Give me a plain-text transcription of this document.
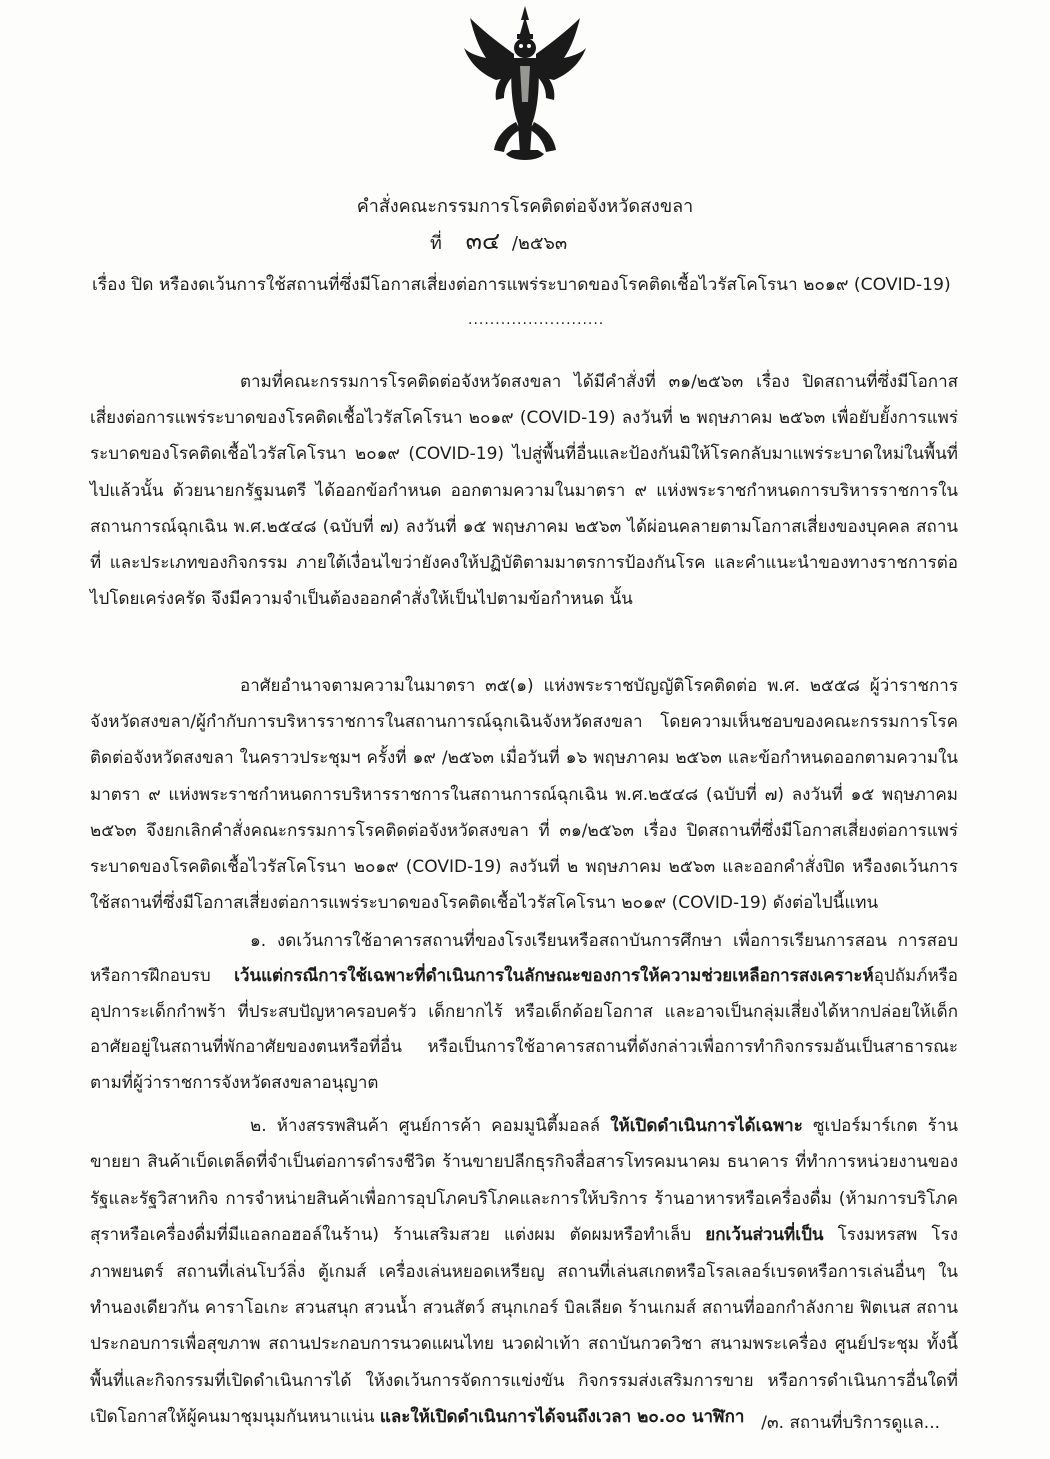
คำสั่งคณะกรรมการโรคติดต่อจังหวัดสงขลา
ที่ ๓๔ /๒๕๖๓
เรื่อง ปิด หรืองดเว้นการใช้สถานที่ซึ่งมีโอกาสเสี่ยงต่อการแพร่ระบาดของโรคติดเชื้อไวรัสโคโรนา ๒๐๑๙ (COVID-19)
.........................

ตามที่คณะกรรมการโรคติดต่อจังหวัดสงขลา ได้มีคำสั่งที่ ๓๑/๒๕๖๓ เรื่อง ปิดสถานที่ซึ่งมีโอกาสเสี่ยงต่อการแพร่ระบาดของโรคติดเชื้อไวรัสโคโรนา ๒๐๑๙ (COVID-19) ลงวันที่ ๒ พฤษภาคม ๒๕๖๓ เพื่อยับยั้งการแพร่ระบาดของโรคติดเชื้อไวรัสโคโรนา ๒๐๑๙ (COVID-19) ไปสู่พื้นที่อื่นและป้องกันมิให้โรคกลับมาแพร่ระบาดใหม่ในพื้นที่ไปแล้วนั้น ด้วยนายกรัฐมนตรี ได้ออกข้อกำหนด ออกตามความในมาตรา ๙ แห่งพระราชกำหนดการบริหารราชการในสถานการณ์ฉุกเฉิน พ.ศ.๒๕๔๘ (ฉบับที่ ๗) ลงวันที่ ๑๕ พฤษภาคม ๒๕๖๓ ได้ผ่อนคลายตามโอกาสเสี่ยงของบุคคล สถานที่ และประเภทของกิจกรรม ภายใต้เงื่อนไขว่ายังคงให้ปฏิบัติตามมาตรการป้องกันโรค และคำแนะนำของทางราชการต่อไปโดยเคร่งครัด จึงมีความจำเป็นต้องออกคำสั่งให้เป็นไปตามข้อกำหนด นั้น

อาศัยอำนาจตามความในมาตรา ๓๕(๑) แห่งพระราชบัญญัติโรคติดต่อ พ.ศ. ๒๕๕๘ ผู้ว่าราชการจังหวัดสงขลา/ผู้กำกับการบริหารราชการในสถานการณ์ฉุกเฉินจังหวัดสงขลา โดยความเห็นชอบของคณะกรรมการโรคติดต่อจังหวัดสงขลา ในคราวประชุมฯ ครั้งที่ ๑๙ /๒๕๖๓ เมื่อวันที่ ๑๖ พฤษภาคม ๒๕๖๓ และข้อกำหนดออกตามความในมาตรา ๙ แห่งพระราชกำหนดการบริหารราชการในสถานการณ์ฉุกเฉิน พ.ศ.๒๕๔๘ (ฉบับที่ ๗) ลงวันที่ ๑๕ พฤษภาคม ๒๕๖๓ จึงยกเลิกคำสั่งคณะกรรมการโรคติดต่อจังหวัดสงขลา ที่ ๓๑/๒๕๖๓ เรื่อง ปิดสถานที่ซึ่งมีโอกาสเสี่ยงต่อการแพร่ระบาดของโรคติดเชื้อไวรัสโคโรนา ๒๐๑๙ (COVID-19) ลงวันที่ ๒ พฤษภาคม ๒๕๖๓ และออกคำสั่งปิด หรืองดเว้นการใช้สถานที่ซึ่งมีโอกาสเสี่ยงต่อการแพร่ระบาดของโรคติดเชื้อไวรัสโคโรนา ๒๐๑๙ (COVID-19) ดังต่อไปนี้แทน

๑. งดเว้นการใช้อาคารสถานที่ของโรงเรียนหรือสถาบันการศึกษา เพื่อการเรียนการสอน การสอบหรือการฝึกอบรบ เว้นแต่กรณีการใช้เฉพาะที่ดำเนินการในลักษณะของการให้ความช่วยเหลือการสงเคราะห์อุปถัมภ์หรืออุปการะเด็กกำพร้า ที่ประสบปัญหาครอบครัว เด็กยากไร้ หรือเด็กด้อยโอกาส และอาจเป็นกลุ่มเสี่ยงได้หากปล่อยให้เด็กอาศัยอยู่ในสถานที่พักอาศัยของตนหรือที่อื่น หรือเป็นการใช้อาคารสถานที่ดังกล่าวเพื่อการทำกิจกรรมอันเป็นสาธารณะตามที่ผู้ว่าราชการจังหวัดสงขลาอนุญาต

๒. ห้างสรรพสินค้า ศูนย์การค้า คอมมูนิตี้มอลล์ ให้เปิดดำเนินการได้เฉพาะ ซูเปอร์มาร์เกต ร้านขายยา สินค้าเบ็ดเตล็ดที่จำเป็นต่อการดำรงชีวิต ร้านขายปลีกธุรกิจสื่อสารโทรคมนาคม ธนาคาร ที่ทำการหน่วยงานของรัฐและรัฐวิสาหกิจ การจำหน่ายสินค้าเพื่อการอุปโภคบริโภคและการให้บริการ ร้านอาหารหรือเครื่องดื่ม (ห้ามการบริโภคสุราหรือเครื่องดื่มที่มีแอลกอฮอล์ในร้าน) ร้านเสริมสวย แต่งผม ตัดผมหรือทำเล็บ ยกเว้นส่วนที่เป็น โรงมหรสพ โรงภาพยนตร์ สถานที่เล่นโบว์ลิ่ง ตู้เกมส์ เครื่องเล่นหยอดเหรียญ สถานที่เล่นสเกตหรือโรลเลอร์เบรดหรือการเล่นอื่นๆ ในทำนองเดียวกัน คาราโอเกะ สวนสนุก สวนน้ำ สวนสัตว์ สนุกเกอร์ บิลเลียด ร้านเกมส์ สถานที่ออกกำลังกาย ฟิตเนส สถานประกอบการเพื่อสุขภาพ สถานประกอบการนวดแผนไทย นวดฝ่าเท้า สถาบันกวดวิชา สนามพระเครื่อง ศูนย์ประชุม ทั้งนี้พื้นที่และกิจกรรมที่เปิดดำเนินการได้ ให้งดเว้นการจัดการแข่งขัน กิจกรรมส่งเสริมการขาย หรือการดำเนินการอื่นใดที่เปิดโอกาสให้ผู้คนมาชุมนุมกันหนาแน่น และให้เปิดดำเนินการได้จนถึงเวลา ๒๐.๐๐ นาฬิกา /๓. สถานที่บริการดูแล...
